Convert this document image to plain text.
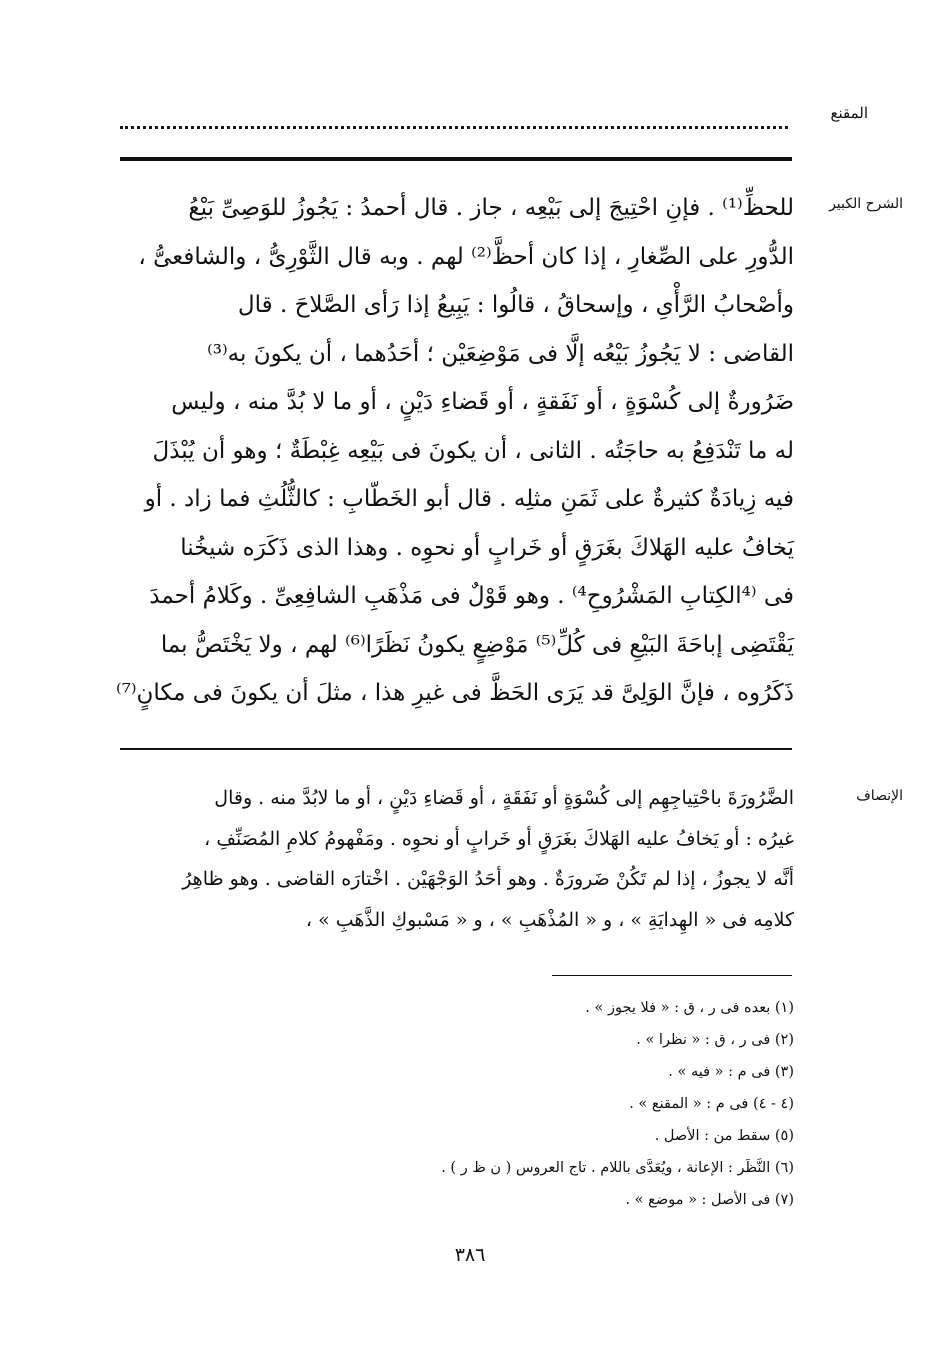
المقنع
الشرح الكبير
للحظِّ⁽¹⁾ . فإنِ احْتِيجَ إلى بَيْعِه ، جاز . قال أحمدُ : يَجُوزُ للوَصِىِّ بَيْعُ
الدُّورِ على الصِّغارِ ، إذا كان أحظَّ⁽²⁾ لهم . وبه قال الثَّوْرِىُّ ، والشافعىُّ ،
وأصْحابُ الرَّأْىِ ، وإسحاقُ ، قالُوا : يَبِيعُ إذا رَأى الصَّلاحَ . قال
القاضى : لا يَجُوزُ بَيْعُه إلَّا فى مَوْضِعَيْن ؛ أحَدُهما ، أن يكونَ به⁽³⁾
ضَرُورةٌ إلى كُسْوَةٍ ، أو نَفَقةٍ ، أو قَضاءِ دَيْنٍ ، أو ما لا بُدَّ منه ، وليس
له ما تَنْدَفِعُ به حاجَتُه . الثانى ، أن يكونَ فى بَيْعِه غِبْطَةٌ ؛ وهو أن يُبْذَلَ
فيه زِيادَةٌ كثيرةٌ على ثَمَنِ مثلِه . قال أبو الخَطّابِ : كالثُّلُثِ فما زاد . أو
يَخافُ عليه الهَلاكَ بغَرَقٍ أو خَرابٍ أو نحوِه . وهذا الذى ذَكَرَه شيخُنا
فى ⁽⁴الكِتابِ المَشْرُوحِ⁴⁾ . وهو قَوْلٌ فى مَذْهَبِ الشافِعِىِّ . وكَلامُ أحمدَ
يَقْتَضِى إباحَةَ البَيْعِ فى كُلِّ⁽⁵⁾ مَوْضِعٍ يكونُ نَظَرًا⁽⁶⁾ لهم ، ولا يَخْتَصُّ بما
ذَكَرُوه ، فإنَّ الوَلِىَّ قد يَرَى الحَظَّ فى غيرِ هذا ، مثلَ أن يكونَ فى مكانٍ⁽⁷⁾
الإنصاف
الضَّرُورَةَ باحْتِياجِهِم إلى كُسْوَةٍ أو نَفَقَةٍ ، أو قَضاءِ دَيْنٍ ، أو ما لابُدَّ منه . وقال
غيرُه : أو يَخافُ عليه الهَلاكَ بغَرَقٍ أو خَرابٍ أو نحوِه . ومَفْهومُ كلامِ المُصَنِّفِ ،
أنَّه لا يجوزُ ، إذا لم تَكُنْ ضَرورَةٌ . وهو أحَدُ الوَجْهَيْن . اخْتارَه القاضى . وهو ظاهِرُ
كلامِه فى « الهِدايَةِ » ، و « المُذْهَبِ » ، و « مَسْبوكِ الذَّهَبِ » ،
(١) بعده فى ر ، ق : « فلا يجوز » .
(٢) فى ر ، ق : « نظرا » .
(٣) فى م : « فيه » .
(٤ - ٤) فى م : « المقنع » .
(٥) سقط من : الأصل .
(٦) النَّظَر : الإعانة ، ويُعَدَّى باللام . تاج العروس ( ن ظ ر ) .
(٧) فى الأصل : « موضع » .
٣٨٦
